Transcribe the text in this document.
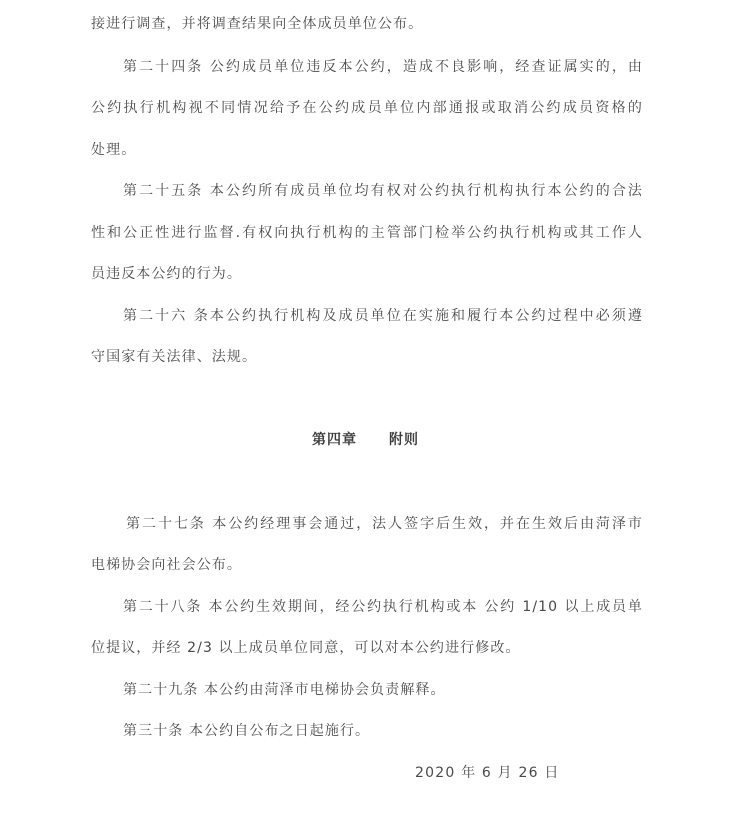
接进行调查，并将调查结果向全体成员单位公布。
第二十四条 公约成员单位违反本公约，造成不良影响，经查证属实的，由
公约执行机构视不同情况给予在公约成员单位内部通报或取消公约成员资格的
处理。
第二十五条 本公约所有成员单位均有权对公约执行机构执行本公约的合法
性和公正性进行监督.有权向执行机构的主管部门检举公约执行机构或其工作人
员违反本公约的行为。
第二十六 条本公约执行机构及成员单位在实施和履行本公约过程中必须遵
守国家有关法律、法规。
第四章 附则
第二十七条 本公约经理事会通过，法人签字后生效，并在生效后由菏泽市
电梯协会向社会公布。
第二十八条 本公约生效期间，经公约执行机构或本 公约 1/10 以上成员单
位提议，并经 2/3 以上成员单位同意，可以对本公约进行修改。
第二十九条 本公约由菏泽市电梯协会负责解释。
第三十条 本公约自公布之日起施行。
2020 年 6 月 26 日
